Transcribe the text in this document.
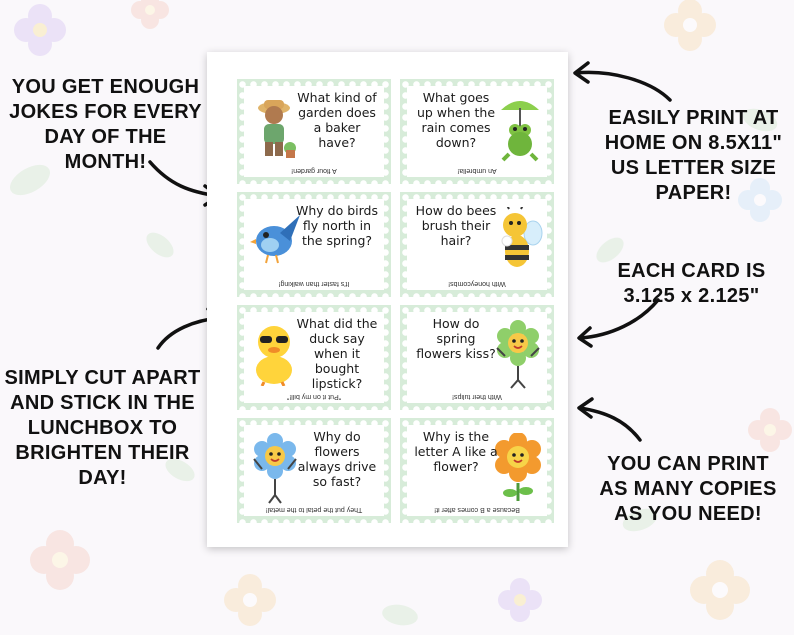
YOU GET ENOUGH JOKES FOR EVERY DAY OF THE MONTH!
EASILY PRINT AT HOME ON 8.5X11" US LETTER SIZE PAPER!
EACH CARD IS 3.125 x 2.125"
SIMPLY CUT APART AND STICK IN THE LUNCHBOX TO BRIGHTEN THEIR DAY!
YOU CAN PRINT AS MANY COPIES AS YOU NEED!
What kind of garden does a baker have?
A flour garden!
What goes up when the rain comes down?
An umbrella!
Why do birds fly north in the spring?
It's faster than walking!
How do bees brush their hair?
With honeycombs!
What did the duck say when it bought lipstick?
"Put it on my bill!"
How do spring flowers kiss?
With their tulips!
Why do flowers always drive so fast?
They put the petal to the metal!
Why is the letter A like a flower?
Because a B comes after it!
